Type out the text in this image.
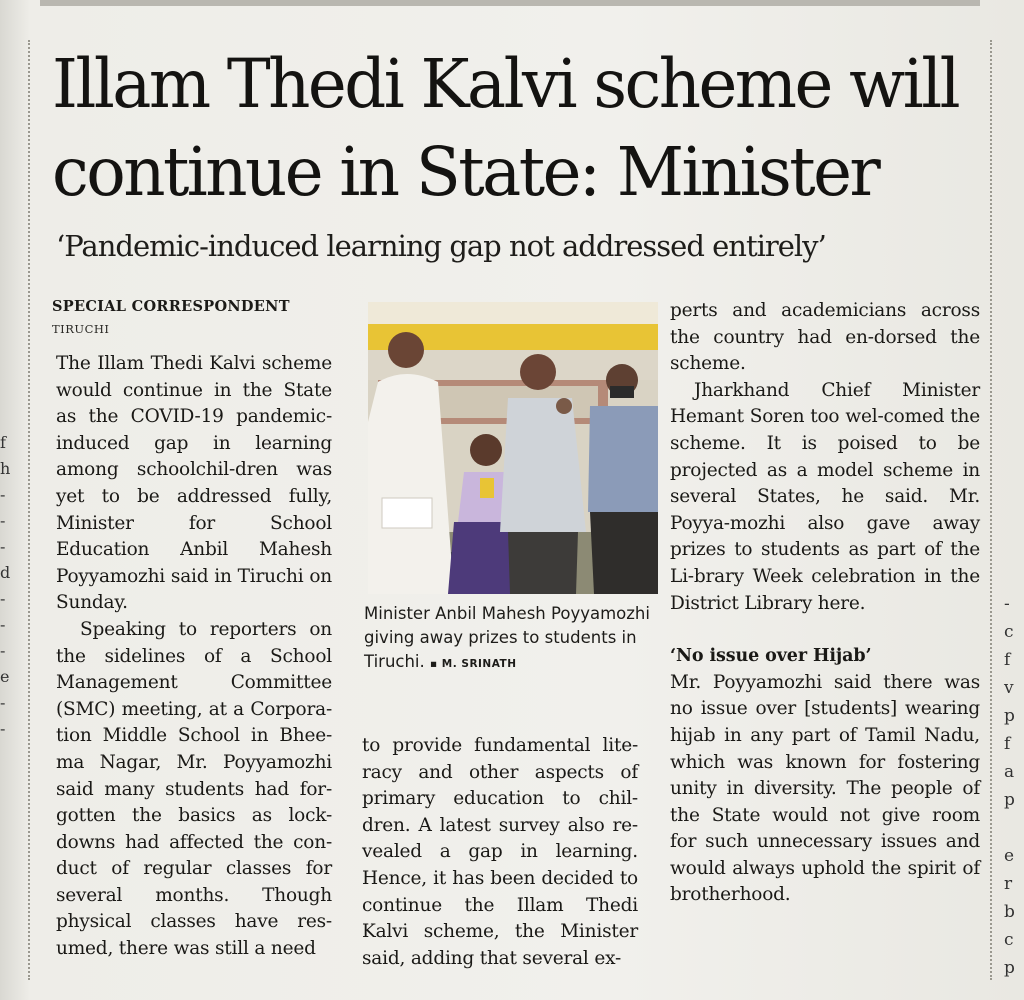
f
h
-
-
-
d
-
-
-
e
-
-
-
c
f
v
p
f
a
p

e
r
b
c
p
Illam Thedi Kalvi scheme will
continue in State: Minister

‘Pandemic-induced learning gap not addressed entirely’

SPECIAL CORRESPONDENT
TIRUCHI

The Illam Thedi Kalvi scheme would continue in the State as the COVID-19 pandemic-induced gap in learning among schoolchil-dren was yet to be addressed fully, Minister for School Education Anbil Mahesh Poyyamozhi said in Tiruchi on Sunday.

Speaking to reporters on the sidelines of a School Management Committee (SMC) meeting, at a Corpora-tion Middle School in Bhee-ma Nagar, Mr. Poyyamozhi said many students had for-gotten the basics as lock-downs had affected the con-duct of regular classes for several months. Though physical classes have res-umed, there was still a need

Minister Anbil Mahesh Poyyamozhi giving away prizes to students in Tiruchi. ▪ M. SRINATH

to provide fundamental lite-racy and other aspects of primary education to chil-dren. A latest survey also re-vealed a gap in learning. Hence, it has been decided to continue the Illam Thedi Kalvi scheme, the Minister said, adding that several ex-

perts and academicians across the country had en-dorsed the scheme.

Jharkhand Chief Minister Hemant Soren too wel-comed the scheme. It is poised to be projected as a model scheme in several States, he said. Mr. Poyya-mozhi also gave away prizes to students as part of the Li-brary Week celebration in the District Library here.

‘No issue over Hijab’

Mr. Poyyamozhi said there was no issue over [students] wearing hijab in any part of Tamil Nadu, which was known for fostering unity in diversity. The people of the State would not give room for such unnecessary issues and would always uphold the spirit of brotherhood.
